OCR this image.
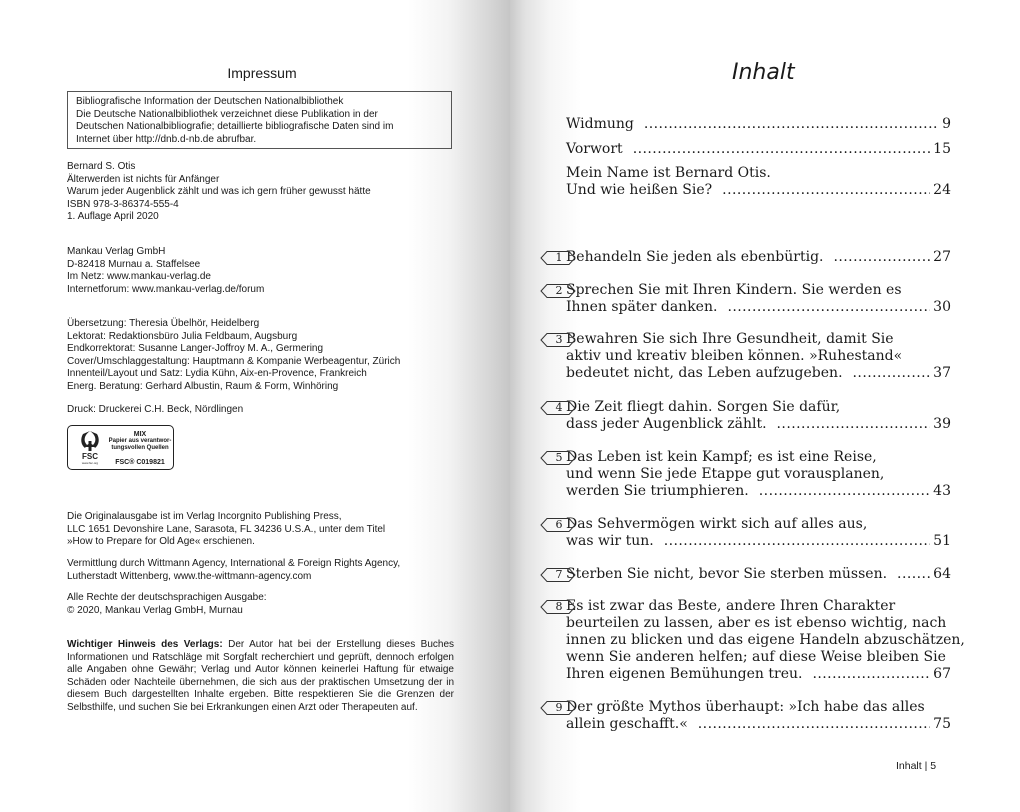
Impressum
Bibliografische Information der Deutschen Nationalbibliothek
Die Deutsche Nationalbibliothek verzeichnet diese Publikation in der
Deutschen Nationalbibliografie; detaillierte bibliografische Daten sind im
Internet über http://dnb.d-nb.de abrufbar.
Bernard S. Otis
Älterwerden ist nichts für Anfänger
Warum jeder Augenblick zählt und was ich gern früher gewusst hätte
ISBN 978-3-86374-555-4
1. Auflage April 2020
Mankau Verlag GmbH
D-82418 Murnau a. Staffelsee
Im Netz: www.mankau-verlag.de
Internetforum: www.mankau-verlag.de/forum
Übersetzung: Theresia Übelhör, Heidelberg
Lektorat: Redaktionsbüro Julia Feldbaum, Augsburg
Endkorrektorat: Susanne Langer-Joffroy M. A., Germering
Cover/Umschlaggestaltung: Hauptmann & Kompanie Werbeagentur, Zürich
Innenteil/Layout und Satz: Lydia Kühn, Aix-en-Provence, Frankreich
Energ. Beratung: Gerhard Albustin, Raum & Form, Winhöring
Druck: Druckerei C.H. Beck, Nördlingen
FSC
www.fsc.org
MIX
Papier aus verantwor-
tungsvollen Quellen
FSC® C019821
Die Originalausgabe ist im Verlag Incorgnito Publishing Press,
LLC 1651 Devonshire Lane, Sarasota, FL 34236 U.S.A., unter dem Titel
»How to Prepare for Old Age« erschienen.
Vermittlung durch Wittmann Agency, International & Foreign Rights Agency,
Lutherstadt Wittenberg, www.the-wittmann-agency.com
Alle Rechte der deutschsprachigen Ausgabe:
© 2020, Mankau Verlag GmbH, Murnau
Wichtiger Hinweis des Verlags: Der Autor hat bei der Erstellung dieses Buches Informationen und Ratschläge mit Sorgfalt recherchiert und geprüft, dennoch erfolgen alle Angaben ohne Gewähr; Verlag und Autor können keinerlei Haftung für etwaige Schäden oder Nachteile übernehmen, die sich aus der praktischen Umsetzung der in diesem Buch dargestellten Inhalte ergeben. Bitte respektieren Sie die Grenzen der Selbsthilfe, und suchen Sie bei Erkrankungen einen Arzt oder Therapeuten auf.
Inhalt
Widmung . . .	9
Vorwort . . .	15
Mein Name ist Bernard Otis.
Und wie heißen Sie? . . .	24
Behandeln Sie jeden als ebenbürtig. . . .	27
1
Sprechen Sie mit Ihren Kindern. Sie werden es
Ihnen später danken. . . .	30
2
Bewahren Sie sich Ihre Gesundheit, damit Sie
aktiv und kreativ bleiben können. »Ruhestand«
bedeutet nicht, das Leben aufzugeben. . . .	37
3
Die Zeit fliegt dahin. Sorgen Sie dafür,
dass jeder Augenblick zählt. . . .	39
4
Das Leben ist kein Kampf; es ist eine Reise,
und wenn Sie jede Etappe gut vorausplanen,
werden Sie triumphieren. . . .	43
5
Das Sehvermögen wirkt sich auf alles aus,
was wir tun. . . .	51
6
Sterben Sie nicht, bevor Sie sterben müssen. . . .	64
7
Es ist zwar das Beste, andere Ihren Charakter
beurteilen zu lassen, aber es ist ebenso wichtig, nach
innen zu blicken und das eigene Handeln abzuschätzen,
wenn Sie anderen helfen; auf diese Weise bleiben Sie
Ihren eigenen Bemühungen treu. . . .	67
8
Der größte Mythos überhaupt: »Ich habe das alles
allein geschafft.« . . .	75
9
Inhalt | 5
